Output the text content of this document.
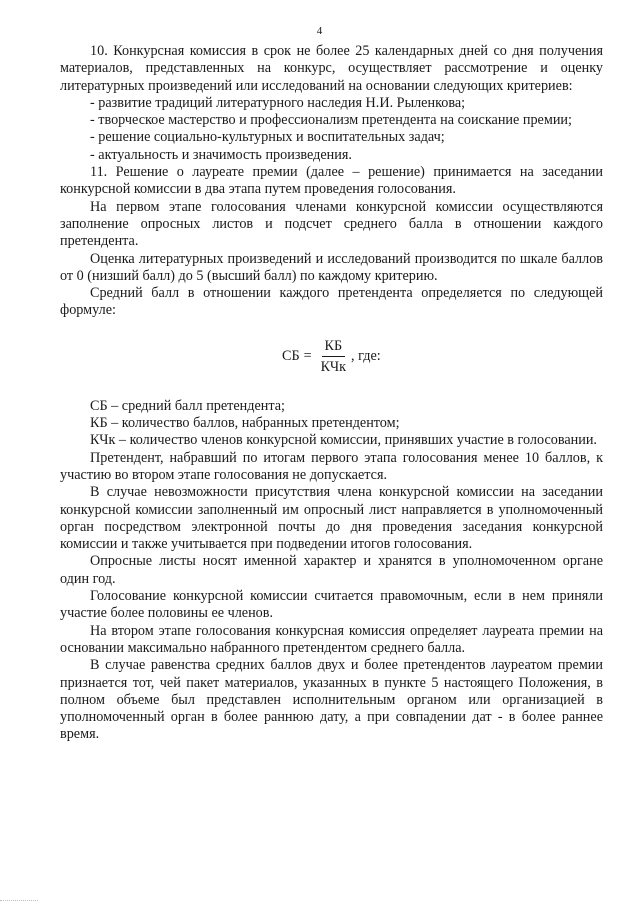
4

10. Конкурсная комиссия в срок не более 25 календарных дней со дня получения материалов, представленных на конкурс, осуществляет рассмотрение и оценку литературных произведений или исследований на основании следующих критериев:

- развитие традиций литературного наследия Н.И. Рыленкова;

- творческое мастерство и профессионализм претендента на соискание премии;

- решение социально-культурных и воспитательных задач;

- актуальность и значимость произведения.

11. Решение о лауреате премии (далее – решение) принимается на заседании конкурсной комиссии в два этапа путем проведения голосования.

На первом этапе голосования членами конкурсной комиссии осуществляются заполнение опросных листов и подсчет среднего балла в отношении каждого претендента.

Оценка литературных произведений и исследований производится по шкале баллов от 0 (низший балл) до 5 (высший балл) по каждому критерию.

Средний балл в отношении каждого претендента определяется по следующей формуле:

СБ = $\frac{КБ}{\text{КЧк}}$ , где:

СБ – средний балл претендента;

КБ – количество баллов, набранных претендентом;

КЧк – количество членов конкурсной комиссии, принявших участие в голосовании.

Претендент, набравший по итогам первого этапа голосования менее 10 баллов, к участию во втором этапе голосования не допускается.

В случае невозможности присутствия члена конкурсной комиссии на заседании конкурсной комиссии заполненный им опросный лист направляется в уполномоченный орган посредством электронной почты до дня проведения заседания конкурсной комиссии и также учитывается при подведении итогов голосования.

Опросные листы носят именной характер и хранятся в уполномоченном органе один год.

Голосование конкурсной комиссии считается правомочным, если в нем приняли участие более половины ее членов.

На втором этапе голосования конкурсная комиссия определяет лауреата премии на основании максимально набранного претендентом среднего балла.

В случае равенства средних баллов двух и более претендентов лауреатом премии признается тот, чей пакет материалов, указанных в пункте 5 настоящего Положения, в полном объеме был представлен исполнительным органом или организацией в уполномоченный орган в более раннюю дату, а при совпадении дат - в более раннее время.
